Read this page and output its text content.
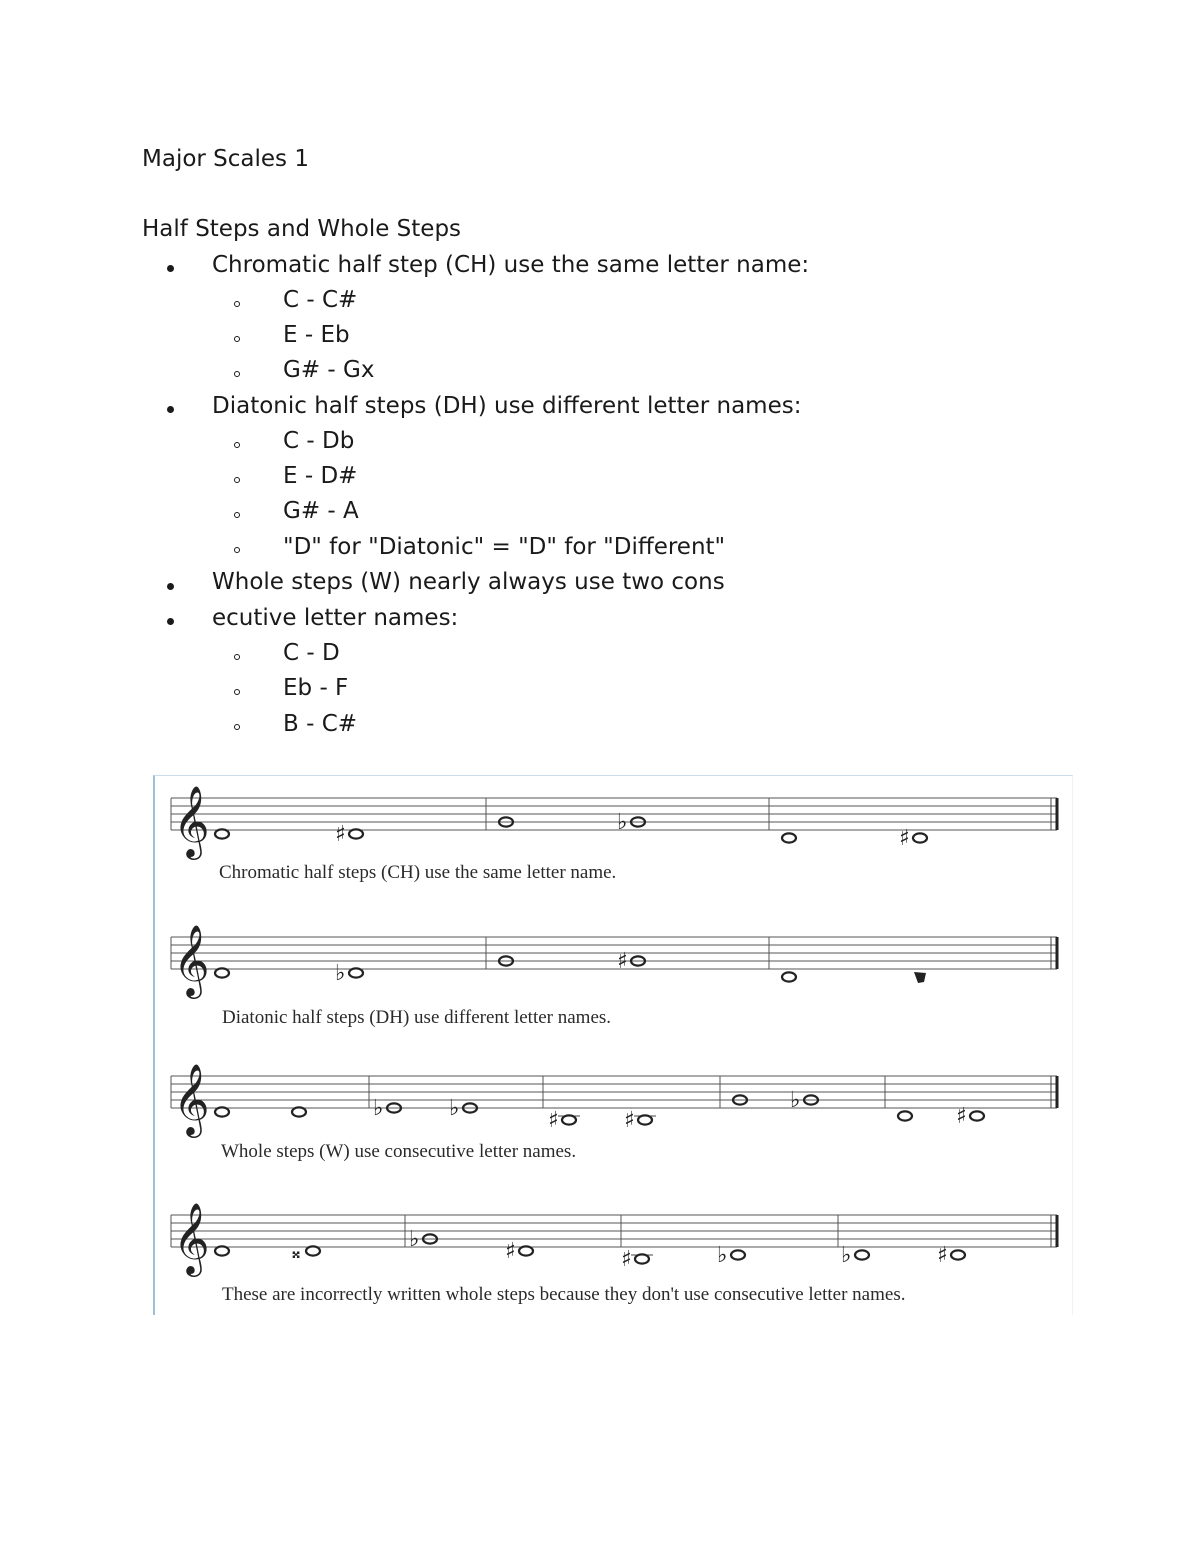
Major Scales 1
Half Steps and Whole Steps
Chromatic half step (CH) use the same letter name:
C - C#
E - Eb
G# - Gx
Diatonic half steps (DH) use different letter names:
C - Db
E - D#
G# - A
"D" for "Diatonic" = "D" for "Different"
Whole steps (W) nearly always use two cons
ecutive letter names:
C - D
Eb - F
B - C#
Chromatic half steps (CH) use the same letter name.
Diatonic half steps (DH) use different letter names.
Whole steps (W) use consecutive letter names.
These are incorrectly written whole steps because they don't use consecutive letter names.
𝄞	♯	♭
♯
𝄞	♭	♯
𝄞	♭	♭	♯	♯
♭
♯
𝄞	𝄪
♭	♯	♯	♭	♭	♯
